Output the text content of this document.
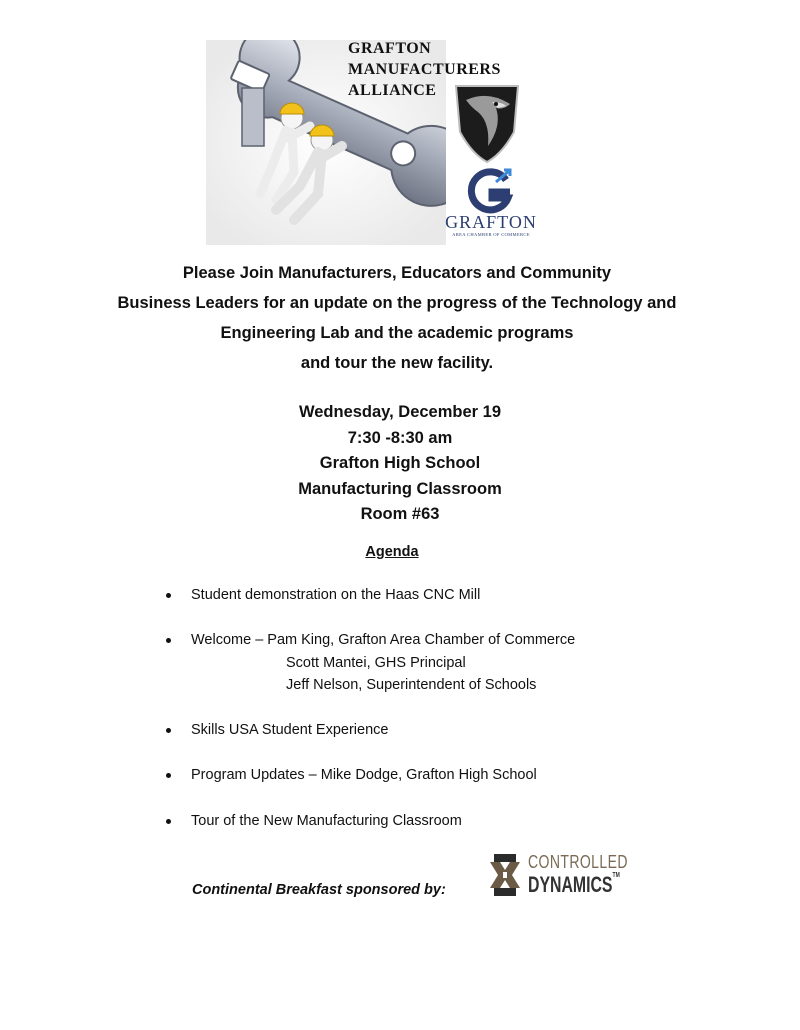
GRAFTON
MANUFACTURERS
ALLIANCE
GRAFTON
AREA CHAMBER OF COMMERCE

Please Join Manufacturers, Educators and Community
Business Leaders for an update on the progress of the Technology and
Engineering Lab and the academic programs
and tour the new facility.

Wednesday, December 19
7:30 -8:30 am
Grafton High School
Manufacturing Classroom
Room #63
Agenda
Student demonstration on the Haas CNC Mill
Welcome – Pam King, Grafton Area Chamber of Commerce
Scott Mantei, GHS Principal
Jeff Nelson, Superintendent of Schools
Skills USA Student Experience
Program Updates – Mike Dodge, Grafton High School
Tour of the New Manufacturing Classroom
Continental Breakfast sponsored by:
CONTROLLED
DYNAMICS™
